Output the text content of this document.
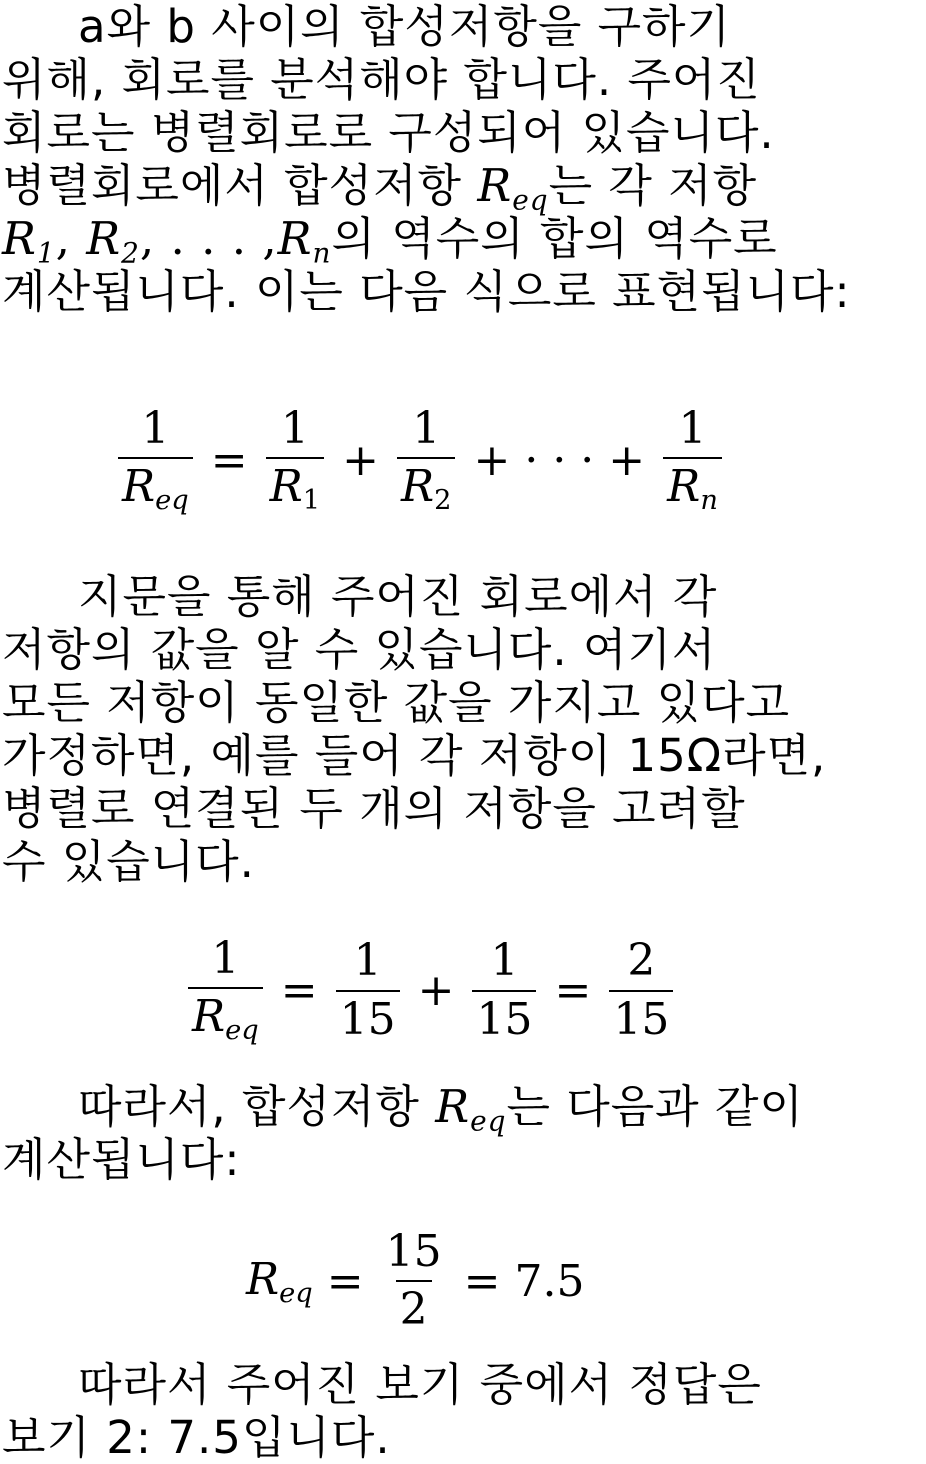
a와 b 사이의 합성저항을 구하기
위해, 회로를 분석해야 합니다. 주어진
회로는 병렬회로로 구성되어 있습니다.
병렬회로에서 합성저항 $R_{eq}$는 각 저항
$R_1$, $R_2$, . . . $,R_n$의 역수의 합의 역수로
계산됩니다. 이는 다음 식으로 표현됩니다:
$\frac{1}{R_{eq}} = \frac{1}{R_1} + \frac{1}{R_2}$ + · · · + $\frac{1}{R_n}$
지문을 통해 주어진 회로에서 각
저항의 값을 알 수 있습니다. 여기서
모든 저항이 동일한 값을 가지고 있다고
가정하면, 예를 들어 각 저항이 15Ω라면,
병렬로 연결된 두 개의 저항을 고려할
수 있습니다.
$\frac{1}{R_{eq}} = \frac{1}{15} + \frac{1}{15} = \frac{2}{15}$
따라서, 합성저항 $R_{eq}$는 다음과 같이
계산됩니다:
$R_{eq} = \frac{15}{2} = 7.5$
따라서 주어진 보기 중에서 정답은
보기 2: 7.5입니다.
